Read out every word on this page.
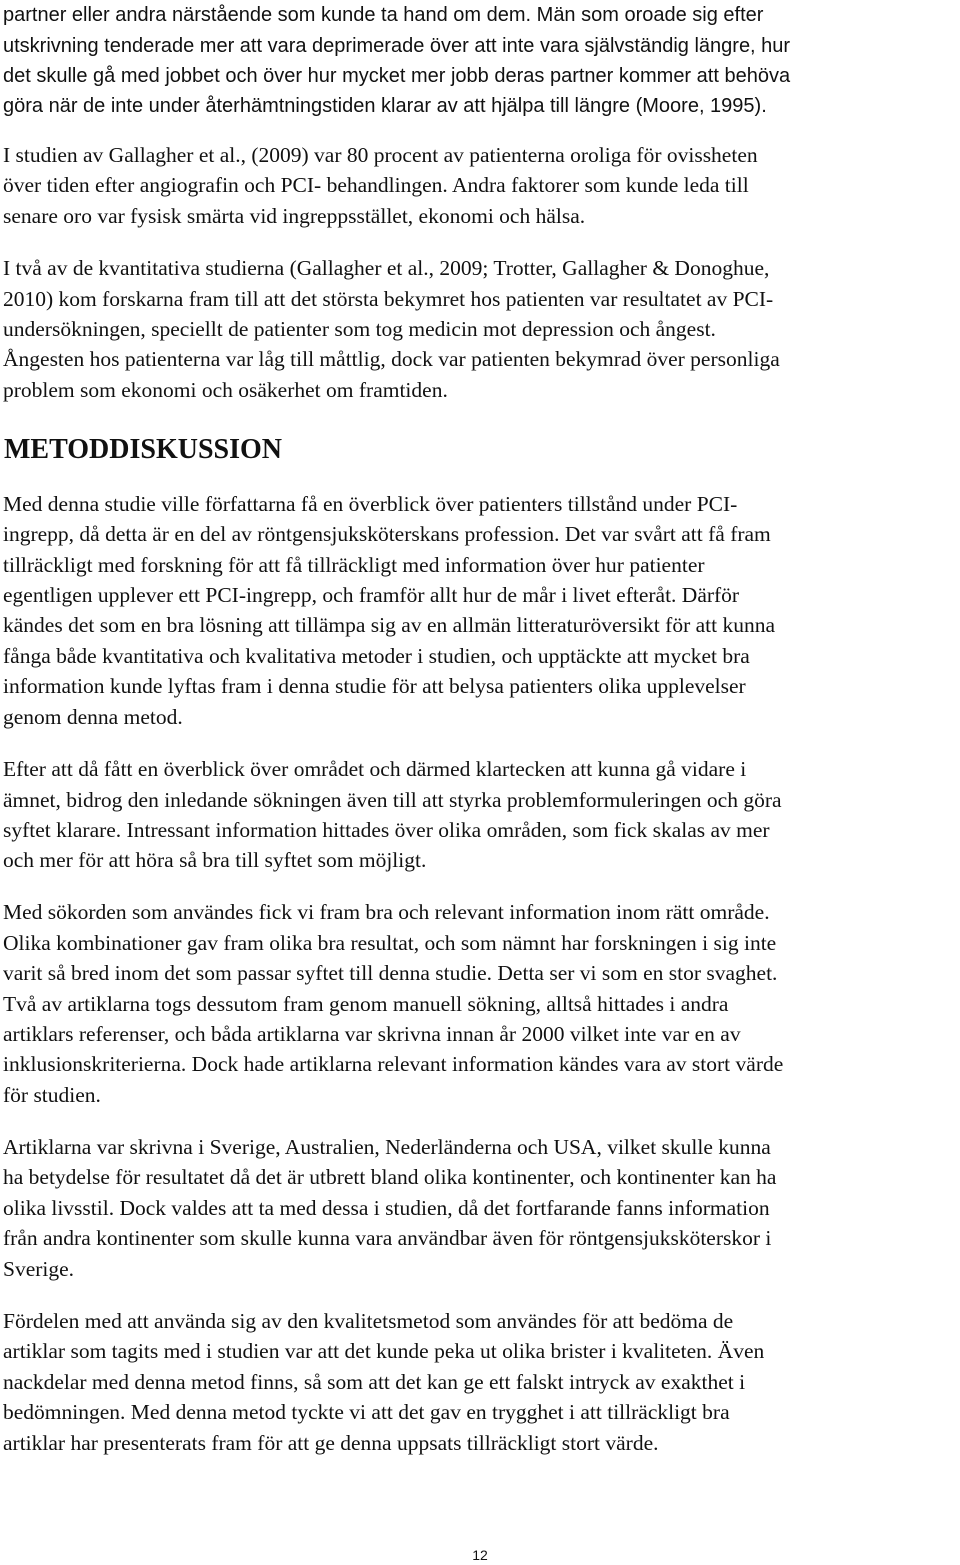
partner eller andra närstående som kunde ta hand om dem. Män som oroade sig efter

utskrivning tenderade mer att vara deprimerade över att inte vara självständig längre, hur

det skulle gå med jobbet och över hur mycket mer jobb deras partner kommer att behöva

göra när de inte under återhämtningstiden klarar av att hjälpa till längre (Moore, 1995).

I studien av Gallagher et al., (2009) var 80 procent av patienterna oroliga för ovissheten

över tiden efter angiografin och PCI- behandlingen. Andra faktorer som kunde leda till

senare oro var fysisk smärta vid ingreppsstället, ekonomi och hälsa.

I två av de kvantitativa studierna (Gallagher et al., 2009; Trotter, Gallagher & Donoghue,

2010) kom forskarna fram till att det största bekymret hos patienten var resultatet av PCI-

undersökningen, speciellt de patienter som tog medicin mot depression och ångest.

Ångesten hos patienterna var låg till måttlig, dock var patienten bekymrad över personliga

problem som ekonomi och osäkerhet om framtiden.

METODDISKUSSION

Med denna studie ville författarna få en överblick över patienters tillstånd under PCI-

ingrepp, då detta är en del av röntgensjuksköterskans profession. Det var svårt att få fram

tillräckligt med forskning för att få tillräckligt med information över hur patienter

egentligen upplever ett PCI-ingrepp, och framför allt hur de mår i livet efteråt. Därför

kändes det som en bra lösning att tillämpa sig av en allmän litteraturöversikt för att kunna

fånga både kvantitativa och kvalitativa metoder i studien, och upptäckte att mycket bra

information kunde lyftas fram i denna studie för att belysa patienters olika upplevelser

genom denna metod.

Efter att då fått en överblick över området och därmed klartecken att kunna gå vidare i

ämnet, bidrog den inledande sökningen även till att styrka problemformuleringen och göra

syftet klarare. Intressant information hittades över olika områden, som fick skalas av mer

och mer för att höra så bra till syftet som möjligt.

Med sökorden som användes fick vi fram bra och relevant information inom rätt område.

Olika kombinationer gav fram olika bra resultat, och som nämnt har forskningen i sig inte

varit så bred inom det som passar syftet till denna studie. Detta ser vi som en stor svaghet.

Två av artiklarna togs dessutom fram genom manuell sökning, alltså hittades i andra

artiklars referenser, och båda artiklarna var skrivna innan år 2000 vilket inte var en av

inklusionskriterierna. Dock hade artiklarna relevant information kändes vara av stort värde

för studien.

Artiklarna var skrivna i Sverige, Australien, Nederländerna och USA, vilket skulle kunna

ha betydelse för resultatet då det är utbrett bland olika kontinenter, och kontinenter kan ha

olika livsstil. Dock valdes att ta med dessa i studien, då det fortfarande fanns information

från andra kontinenter som skulle kunna vara användbar även för röntgensjuksköterskor i

Sverige.

Fördelen med att använda sig av den kvalitetsmetod som användes för att bedöma de

artiklar som tagits med i studien var att det kunde peka ut olika brister i kvaliteten. Även

nackdelar med denna metod finns, så som att det kan ge ett falskt intryck av exakthet i

bedömningen. Med denna metod tyckte vi att det gav en trygghet i att tillräckligt bra

artiklar har presenterats fram för att ge denna uppsats tillräckligt stort värde.

12
